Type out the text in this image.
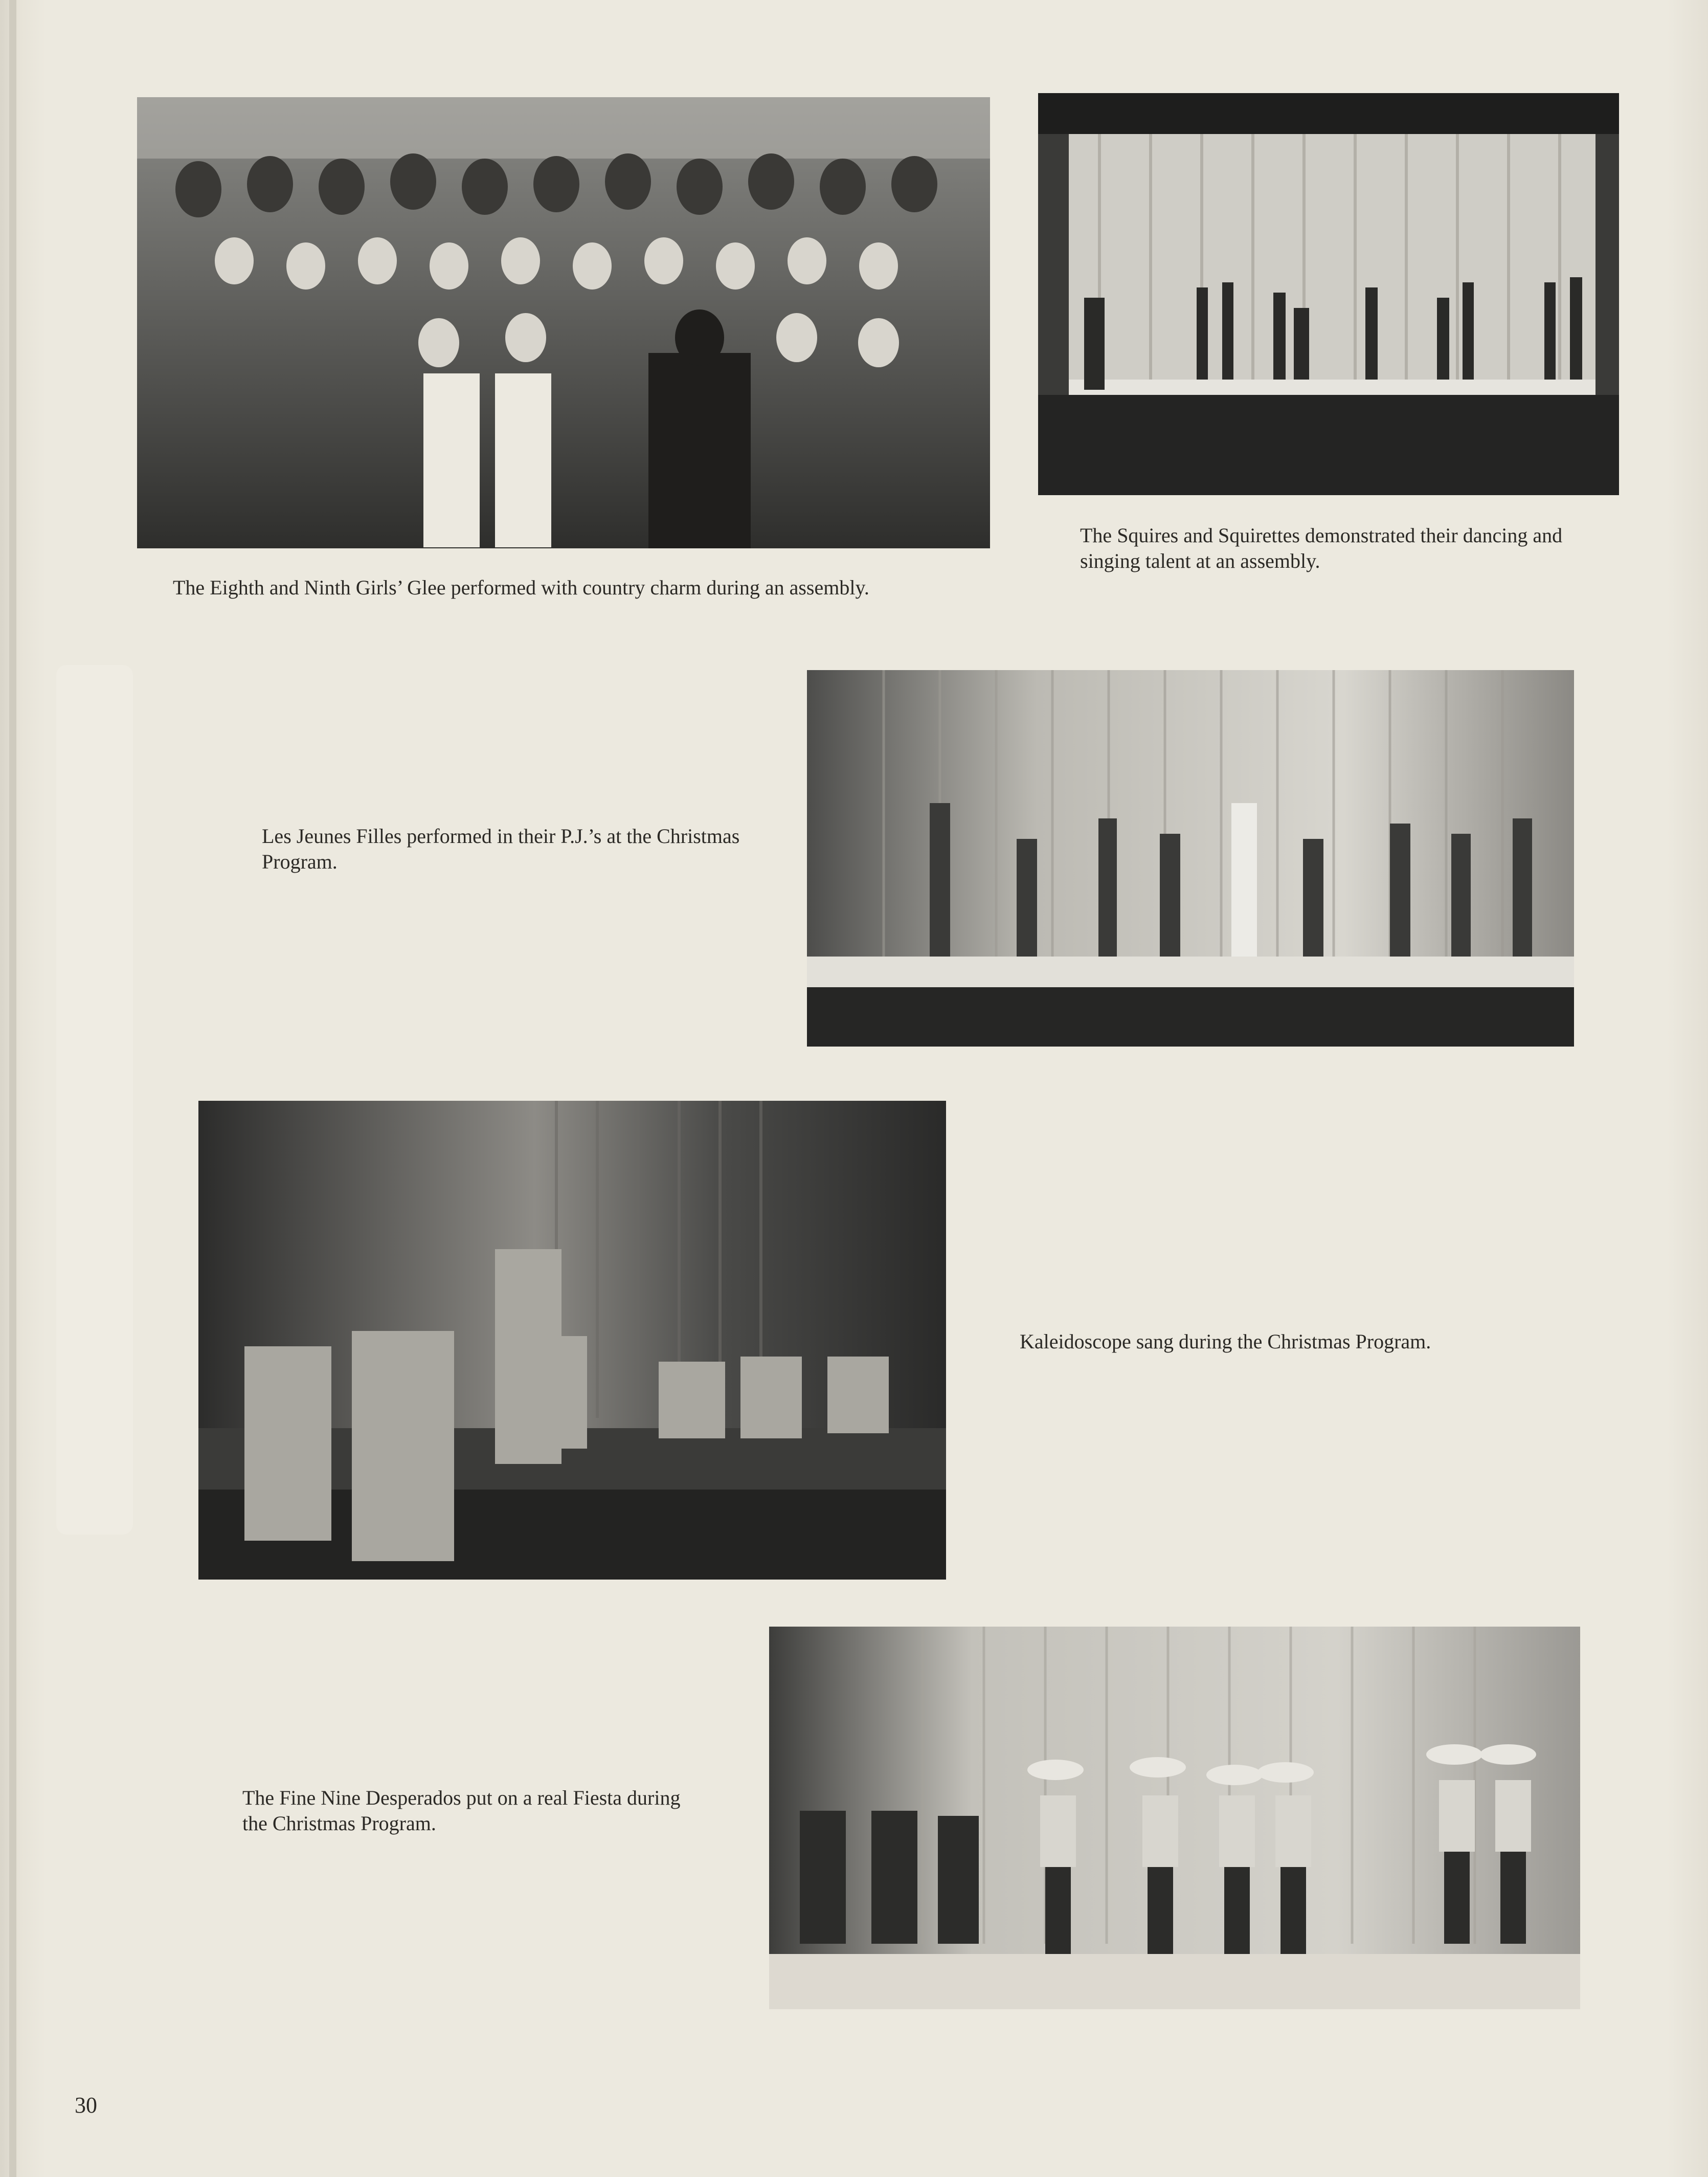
The Squires and Squirettes demonstrated their dancing and singing talent at an assembly.
The Eighth and Ninth Girls’ Glee performed with country charm during an assembly.
Les Jeunes Filles performed in their P.J.’s at the Christmas Program.
Kaleidoscope sang during the Christmas Program.
The Fine Nine Desperados put on a real Fiesta during the Christmas Program.
30
